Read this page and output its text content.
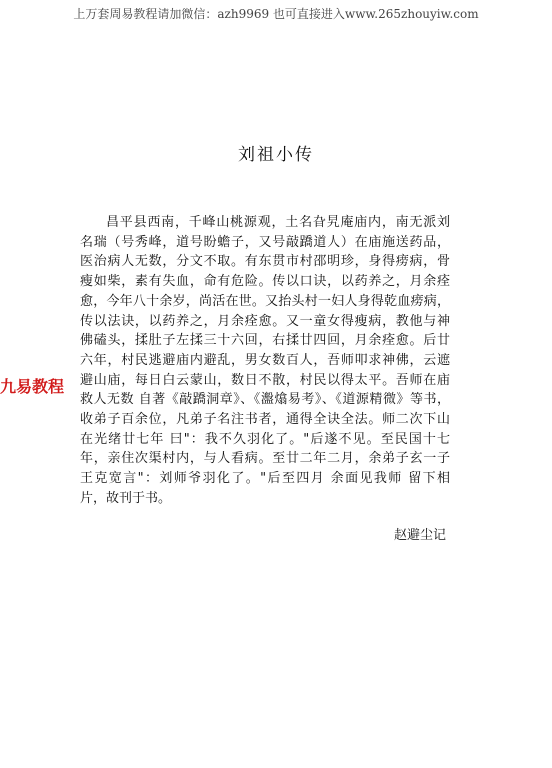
上万套周易教程请加微信：azh9969 也可直接进入www.265zhouyiw.com
刘祖小传
昌平县西南，千峰山桃源观，土名旮旯庵庙内，南无派刘
名瑞（号秀峰，道号盼蟾子，又号敲蹻道人）在庙施送药品，
医治病人无数，分文不取。有东贯市村邵明珍，身得痨病，骨
瘦如柴，素有失血，命有危险。传以口诀，以药养之，月余痊
愈，今年八十余岁，尚活在世。又抬头村一妇人身得乾血痨病，
传以法诀，以药养之，月余痊愈。又一童女得瘦病，教他与神
佛磕头，揉肚子左揉三十六回，右揉廿四回，月余痊愈。后廿
六年，村民逃避庙内避乱，男女数百人，吾师叩求神佛，云遮
避山庙，每日白云蒙山，数日不散，村民以得太平。吾师在庙
救人无数 自著《敲蹻洞章》、《瀊熻易考》、《道源精微》等书，
收弟子百余位，凡弟子名注书者，通得全诀全法。师二次下山
在光绪廿七年 曰"：我不久羽化了。"后遂不见。至民国十七
年，亲住次渠村内，与人看病。至廿二年二月，余弟子玄一子
王克宽言"：刘师爷羽化了。"后至四月 余面见我师 留下相
片，故刊于书。
九易教程
赵避尘记
